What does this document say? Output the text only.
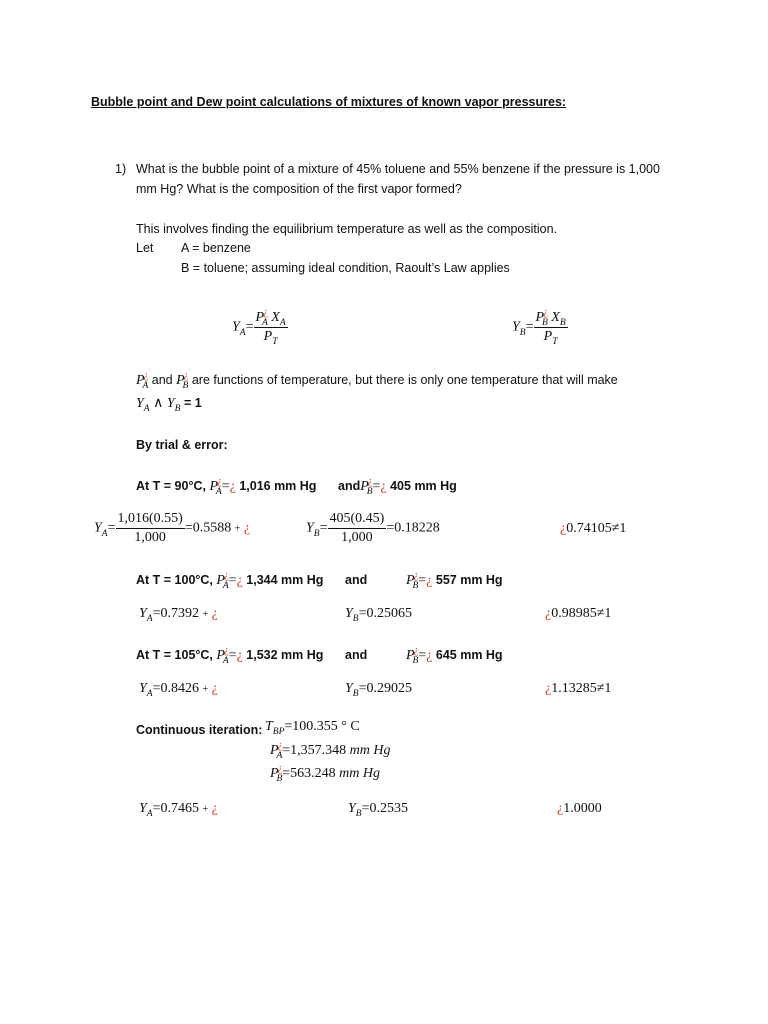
Bubble point and Dew point calculations of mixtures of known vapor pressures:
1) What is the bubble point of a mixture of 45% toluene and 55% benzene if the pressure is 1,000
mm Hg? What is the composition of the first vapor formed?
This involves finding the equilibrium temperature as well as the composition.
Let A = benzene
B = toluene; assuming ideal condition, Raoult’s Law applies
$Y_A= \frac{P^¿_A X_A}{P_T}$	$Y_B= \frac{P^¿_B X_B}{P_T}$
$P^¿_A$ and $P^¿_B$ are functions of temperature, but there is only one temperature that will make
$Y_A$ ∧ $Y_B = 1$
By trial & error:
At T = 90°C, $P^¿_A=¿$ 1,016 mm Hg andP¿$_B$=¿ 405 mm Hg
$Y_A= \frac{1,016(0.55)}{1,000} =0.5588$ + ¿	$Y_B= \frac{405(0.45)}{1,000} =0.18228$	¿0.74105≠1
At T = 100°C, $P^¿_A=¿$ 1,344 mm Hg and	$P^¿_B=¿$ 557 mm Hg
$Y_A=0.7392$ + ¿	$Y_B=0.25065$	¿0.98985≠1
At T = 105°C, $P^¿_A=¿$ 1,532 mm Hg and	$P^¿_B=¿$ 645 mm Hg
$Y_A=0.8426$ + ¿	$Y_B=0.29025$	¿1.13285≠1
Continuous iteration: $T_{BP}=100.355$ ° C
$P^¿_A=1,357.348$ mm Hg
$P^¿_B=563.248$ mm Hg
$Y_A=0.7465$ + ¿	$Y_B=0.2535$	¿1.0000
